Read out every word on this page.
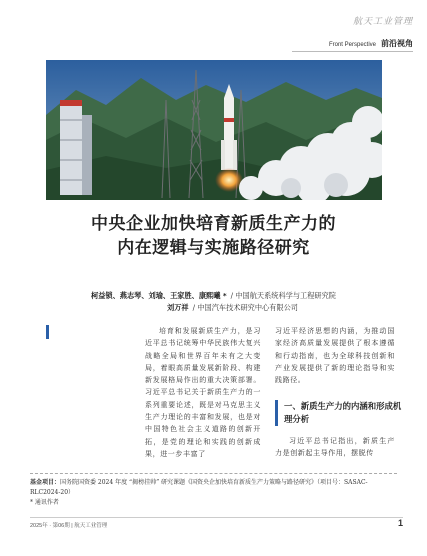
航天工业管理
Front Perspective 前沿视角
中央企业加快培育新质生产力的
内在逻辑与实施路径研究
柯益锁、燕志琴、刘瑜、王家胜、康熙曦 * / 中国航天系统科学与工程研究院
刘万祥 / 中国汽车技术研究中心有限公司

培育和发展新质生产力，是习近平总书记统筹中华民族伟大复兴战略全局和世界百年未有之大变局，着眼高质量发展新阶段、构建新发展格局作出的重大决策部署。习近平总书记关于新质生产力的一系列重要论述，既是对马克思主义生产力理论的丰富和发展，也是对中国特色社会主义道路的创新开拓，是党的理论和实践的创新成果，进一步丰富了

习近平经济思想的内涵，为推动国家经济高质量发展提供了根本遵循和行动指南，也为全球科技创新和产业发展提供了新的理论指导和实践路径。

一、新质生产力的内涵和形成机理分析

习近平总书记指出，新质生产力是创新起主导作用，摆脱传

基金项目：国务院国资委 2024 年度 “揭榜挂帅” 研究课题《国资央企加快培育新质生产力策略与路径研究》（项目号：SASAC-RLC2024-20）

* 通讯作者

2025年 · 第06期 | 航天工业管理	1
